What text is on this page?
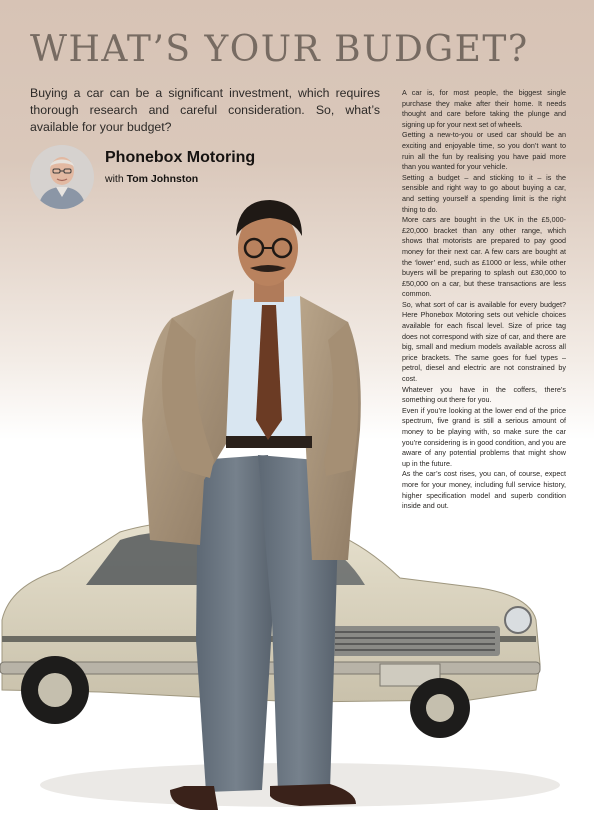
WHAT’S YOUR BUDGET?

Buying a car can be a significant investment, which requires thorough research and careful consideration. So, what’s available for your budget?

Phonebox Motoring
with Tom Johnston

A car is, for most people, the biggest single purchase they make after their home. It needs thought and care before taking the plunge and signing up for your next set of wheels.

Getting a new-to-you or used car should be an exciting and enjoyable time, so you don’t want to ruin all the fun by realising you have paid more than you wanted for your vehicle.

Setting a budget – and sticking to it – is the sensible and right way to go about buying a car, and setting yourself a spending limit is the right thing to do.

More cars are bought in the UK in the £5,000-£20,000 bracket than any other range, which shows that motorists are prepared to pay good money for their next car. A few cars are bought at the ‘lower’ end, such as £1000 or less, while other buyers will be preparing to splash out £30,000 to £50,000 on a car, but these transactions are less common.

So, what sort of car is available for every budget? Here Phonebox Motoring sets out vehicle choices available for each fiscal level. Size of price tag does not correspond with size of car, and there are big, small and medium models available across all price brackets. The same goes for fuel types – petrol, diesel and electric are not constrained by cost.

Whatever you have in the coffers, there’s something out there for you.

Even if you’re looking at the lower end of the price spectrum, five grand is still a serious amount of money to be playing with, so make sure the car you’re considering is in good condition, and you are aware of any potential problems that might show up in the future.

As the car’s cost rises, you can, of course, expect more for your money, including full service history, higher specification model and superb condition inside and out.
